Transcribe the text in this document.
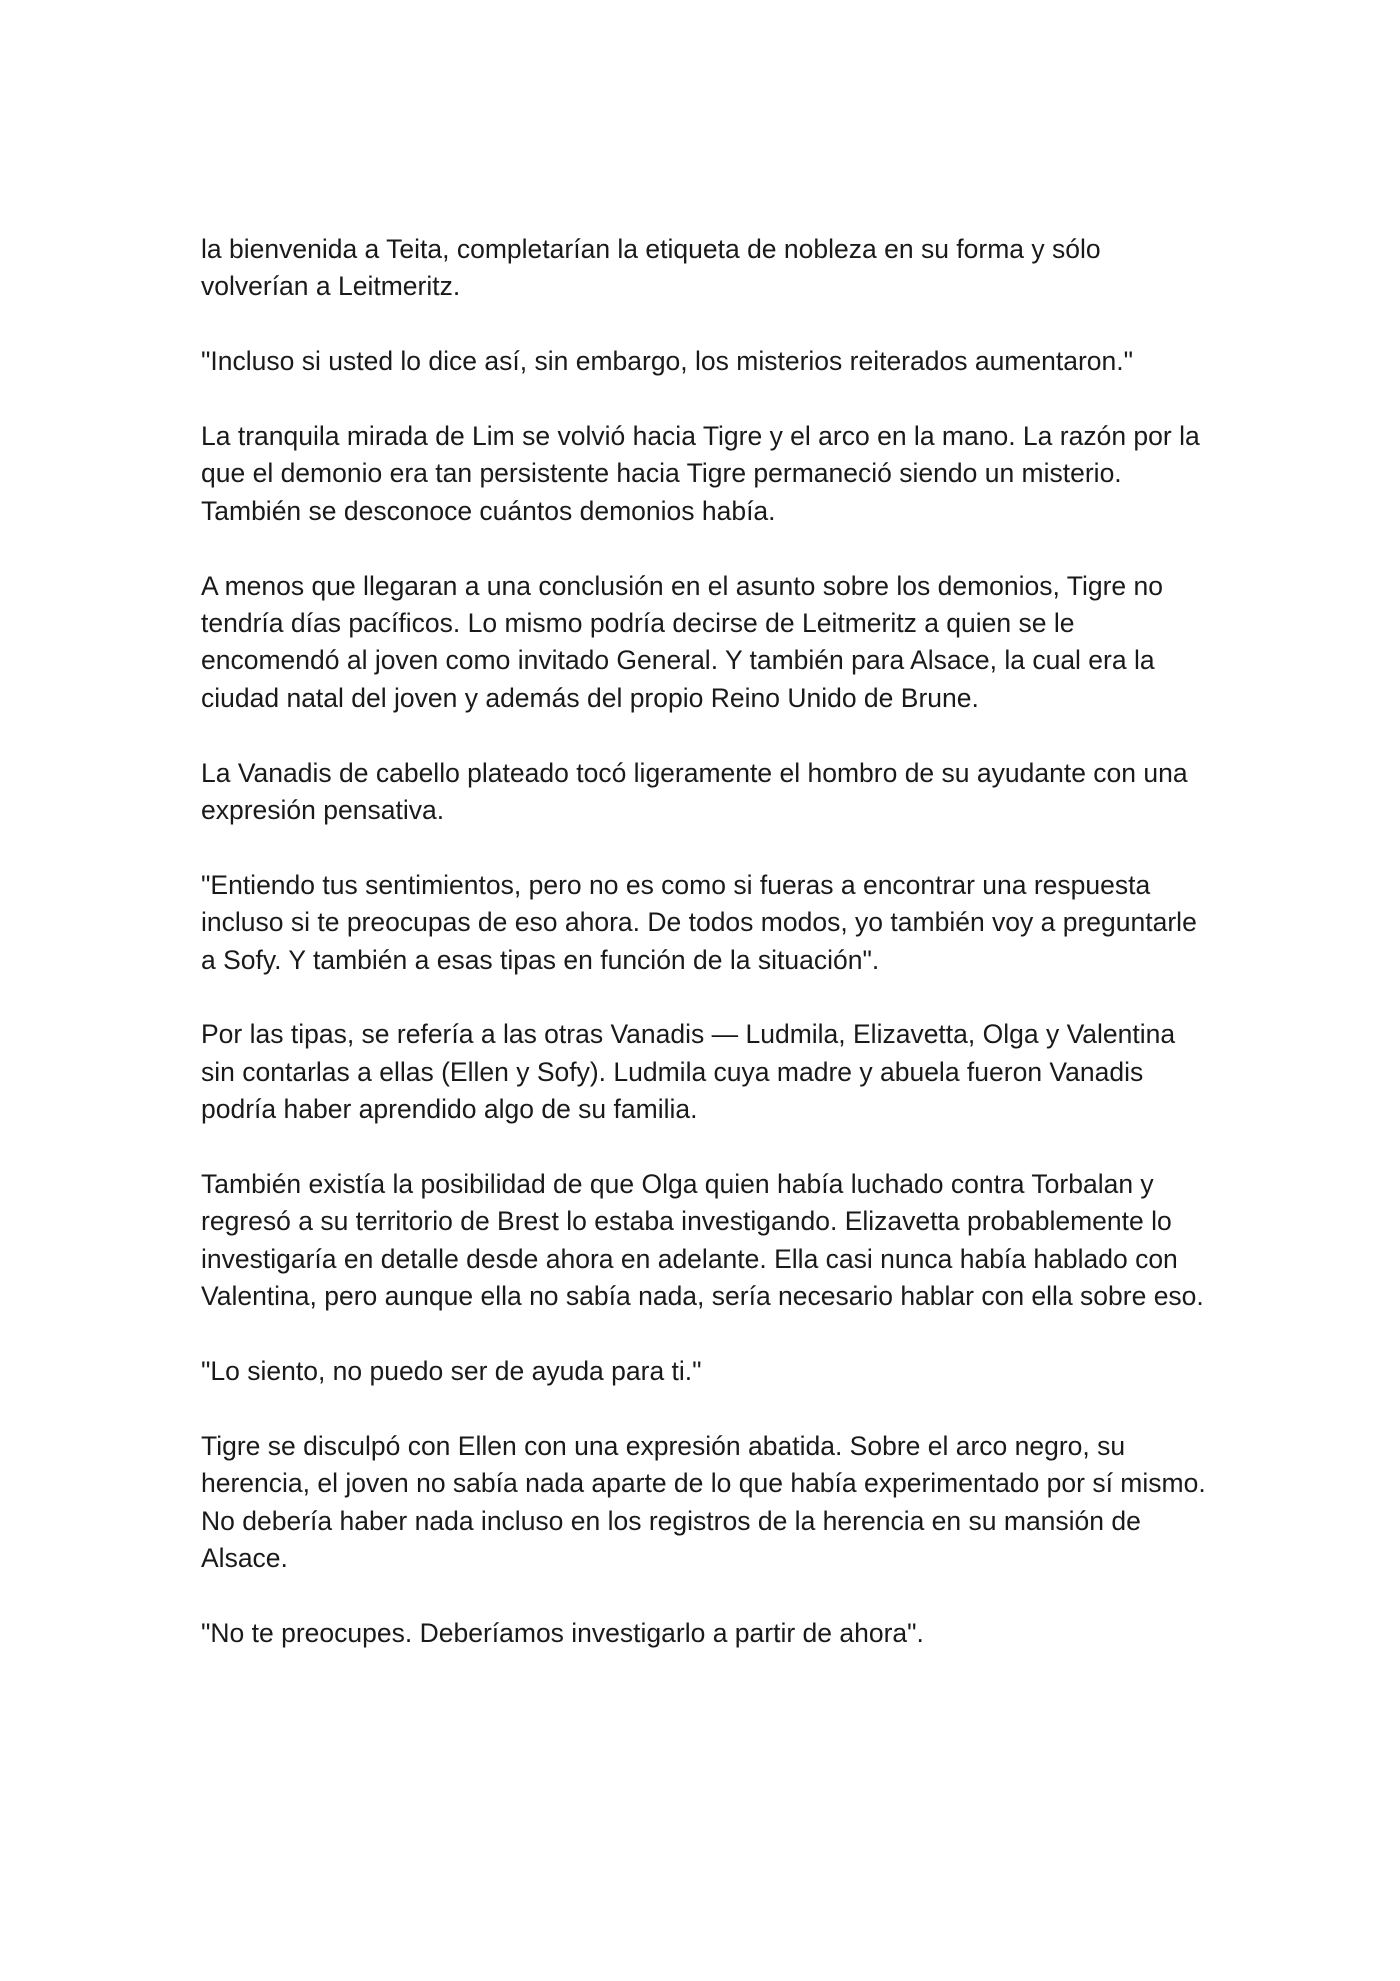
la bienvenida a Teita, completarían la etiqueta de nobleza en su forma y sólo volverían a Leitmeritz.

"Incluso si usted lo dice así, sin embargo, los misterios reiterados aumentaron."

La tranquila mirada de Lim se volvió hacia Tigre y el arco en la mano. La razón por la que el demonio era tan persistente hacia Tigre permaneció siendo un misterio. También se desconoce cuántos demonios había.

A menos que llegaran a una conclusión en el asunto sobre los demonios, Tigre no tendría días pacíficos. Lo mismo podría decirse de Leitmeritz a quien se le encomendó al joven como invitado General. Y también para Alsace, la cual era la ciudad natal del joven y además del propio Reino Unido de Brune.

La Vanadis de cabello plateado tocó ligeramente el hombro de su ayudante con una expresión pensativa.

"Entiendo tus sentimientos, pero no es como si fueras a encontrar una respuesta incluso si te preocupas de eso ahora. De todos modos, yo también voy a preguntarle a Sofy. Y también a esas tipas en función de la situación".

Por las tipas, se refería a las otras Vanadis — Ludmila, Elizavetta, Olga y Valentina sin contarlas a ellas (Ellen y Sofy). Ludmila cuya madre y abuela fueron Vanadis podría haber aprendido algo de su familia.

También existía la posibilidad de que Olga quien había luchado contra Torbalan y regresó a su territorio de Brest lo estaba investigando. Elizavetta probablemente lo investigaría en detalle desde ahora en adelante. Ella casi nunca había hablado con Valentina, pero aunque ella no sabía nada, sería necesario hablar con ella sobre eso.

"Lo siento, no puedo ser de ayuda para ti."

Tigre se disculpó con Ellen con una expresión abatida. Sobre el arco negro, su herencia, el joven no sabía nada aparte de lo que había experimentado por sí mismo. No debería haber nada incluso en los registros de la herencia en su mansión de Alsace.

"No te preocupes. Deberíamos investigarlo a partir de ahora".
